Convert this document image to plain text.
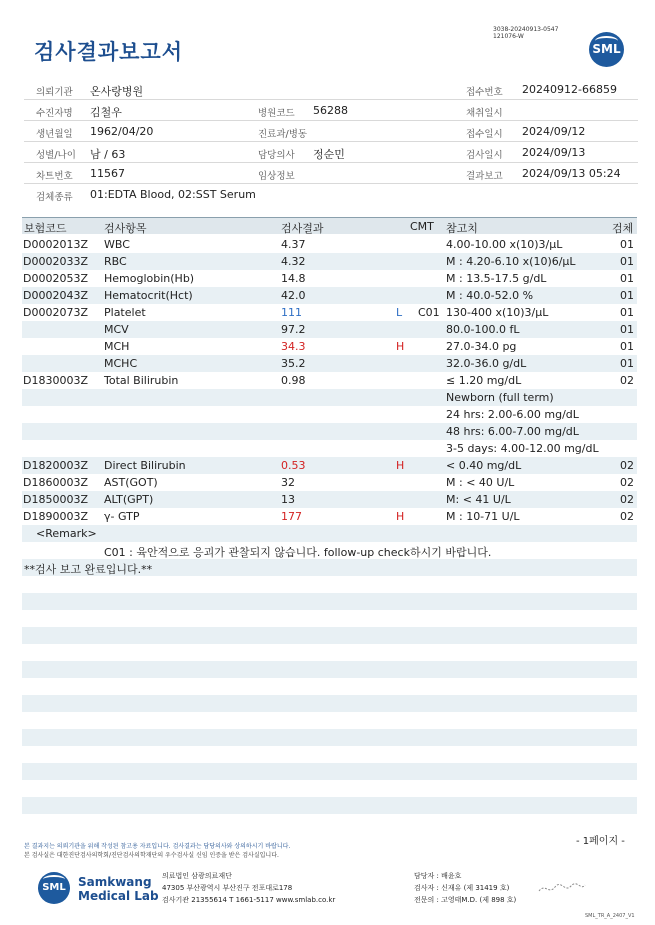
검사결과보고서
3038-20240913-0547
121076-W
SML
의뢰기관 온사랑병원	접수번호 20240912-66859
수진자명 김철우	병원코드 56288	채취일시
생년월일 1962/04/20	진료과/병동	접수일시 2024/09/12
성별/나이 남 / 63	담당의사 정순민	검사일시 2024/09/13
차트번호 11567	임상정보	결과보고 2024/09/13 05:24
검체종류 01:EDTA Blood, 02:SST Serum
보험코드	검사항목	검사결과	CMT 참고치	검체
D0002013Z WBC	4.37	4.00-10.00 x(10)3/μL	01
D0002033Z RBC	4.32	M : 4.20-6.10 x(10)6/μL	01
D0002053Z Hemoglobin(Hb)	14.8	M : 13.5-17.5 g/dL	01
D0002043Z Hematocrit(Hct)	42.0	M : 40.0-52.0 %	01
D0002073Z Platelet	111	L C01 130-400 x(10)3/μL	01
MCV	97.2	80.0-100.0 fL	01
MCH	34.3	H	27.0-34.0 pg	01
MCHC	35.2	32.0-36.0 g/dL	01
D1830003Z Total Bilirubin	0.98	≤ 1.20 mg/dL	02
Newborn (full term)
24 hrs: 2.00-6.00 mg/dL
48 hrs: 6.00-7.00 mg/dL
3-5 days: 4.00-12.00 mg/dL
D1820003Z Direct Bilirubin	0.53	H	< 0.40 mg/dL	02
D1860003Z AST(GOT)	32	M : < 40 U/L	02
D1850003Z ALT(GPT)	13	M: < 41 U/L	02
D1890003Z γ- GTP	177	H	M : 10-71 U/L	02
<Remark>
C01 : 육안적으로 응괴가 관찰되지 않습니다. follow-up check하시기 바랍니다.
**검사 보고 완료입니다.**
- 1페이지 -
본 결과지는 의뢰기관을 위해 작성된 참고용 자료입니다. 검사결과는 담당의사와 상의하시기 바랍니다.
본 검사실은 대한진단검사의학회/진단검사의학재단의 우수검사실 신임 인증을 받은 검사실입니다.
SML	Samkwang
Medical Lab
의료법인 삼광의료재단
47305 부산광역시 부산진구 전포대로178
검사기관 21355614 T 1661-5117 www.smlab.co.kr
담당자 : 배윤호
검사자 : 신재유 (제 31419 호)
전문의 : 고영태M.D. (제 898 호)
SML_TR_A_2407_V1
